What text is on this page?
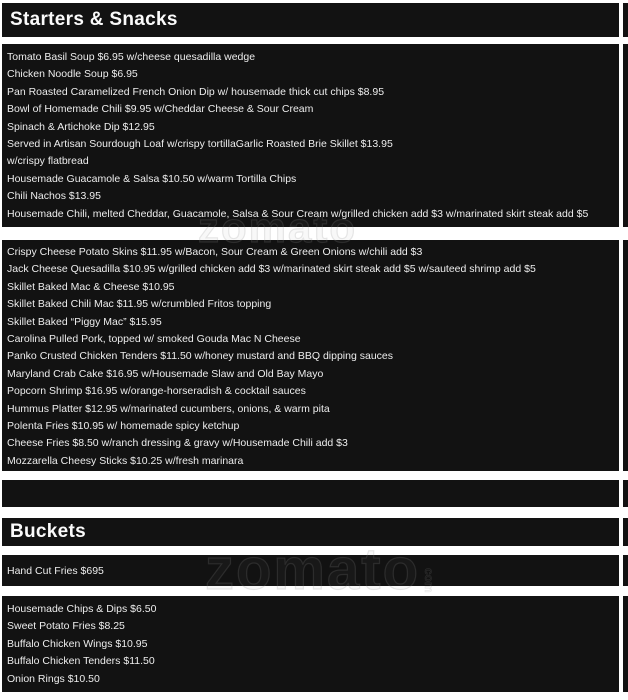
Starters & Snacks
Tomato Basil Soup $6.95 w/cheese quesadilla wedge
Chicken Noodle Soup $6.95
Pan Roasted Caramelized French Onion Dip w/ housemade thick cut chips $8.95
Bowl of Homemade Chili $9.95 w/Cheddar Cheese & Sour Cream
Spinach & Artichoke Dip $12.95
Served in Artisan Sourdough Loaf w/crispy tortillaGarlic Roasted Brie Skillet $13.95
w/crispy flatbread
Housemade Guacamole & Salsa $10.50 w/warm Tortilla Chips
Chili Nachos $13.95
Housemade Chili, melted Cheddar, Guacamole, Salsa & Sour Cream w/grilled chicken add $3 w/marinated skirt steak add $5
Crispy Cheese Potato Skins $11.95 w/Bacon, Sour Cream & Green Onions w/chili add $3
Jack Cheese Quesadilla $10.95 w/grilled chicken add $3 w/marinated skirt steak add $5 w/sauteed shrimp add $5
Skillet Baked Mac & Cheese $10.95
Skillet Baked Chili Mac $11.95 w/crumbled Fritos topping
Skillet Baked “Piggy Mac” $15.95
Carolina Pulled Pork, topped w/ smoked Gouda Mac N Cheese
Panko Crusted Chicken Tenders $11.50 w/honey mustard and BBQ dipping sauces
Maryland Crab Cake $16.95 w/Housemade Slaw and Old Bay Mayo
Popcorn Shrimp $16.95 w/orange-horseradish & cocktail sauces
Hummus Platter $12.95 w/marinated cucumbers, onions, & warm pita
Polenta Fries $10.95 w/ homemade spicy ketchup
Cheese Fries $8.50 w/ranch dressing & gravy w/Housemade Chili add $3
Mozzarella Cheesy Sticks $10.25 w/fresh marinara
Buckets
Hand Cut Fries $695
Housemade Chips & Dips $6.50
Sweet Potato Fries $8.25
Buffalo Chicken Wings $10.95
Buffalo Chicken Tenders $11.50
Onion Rings $10.50
zomato
